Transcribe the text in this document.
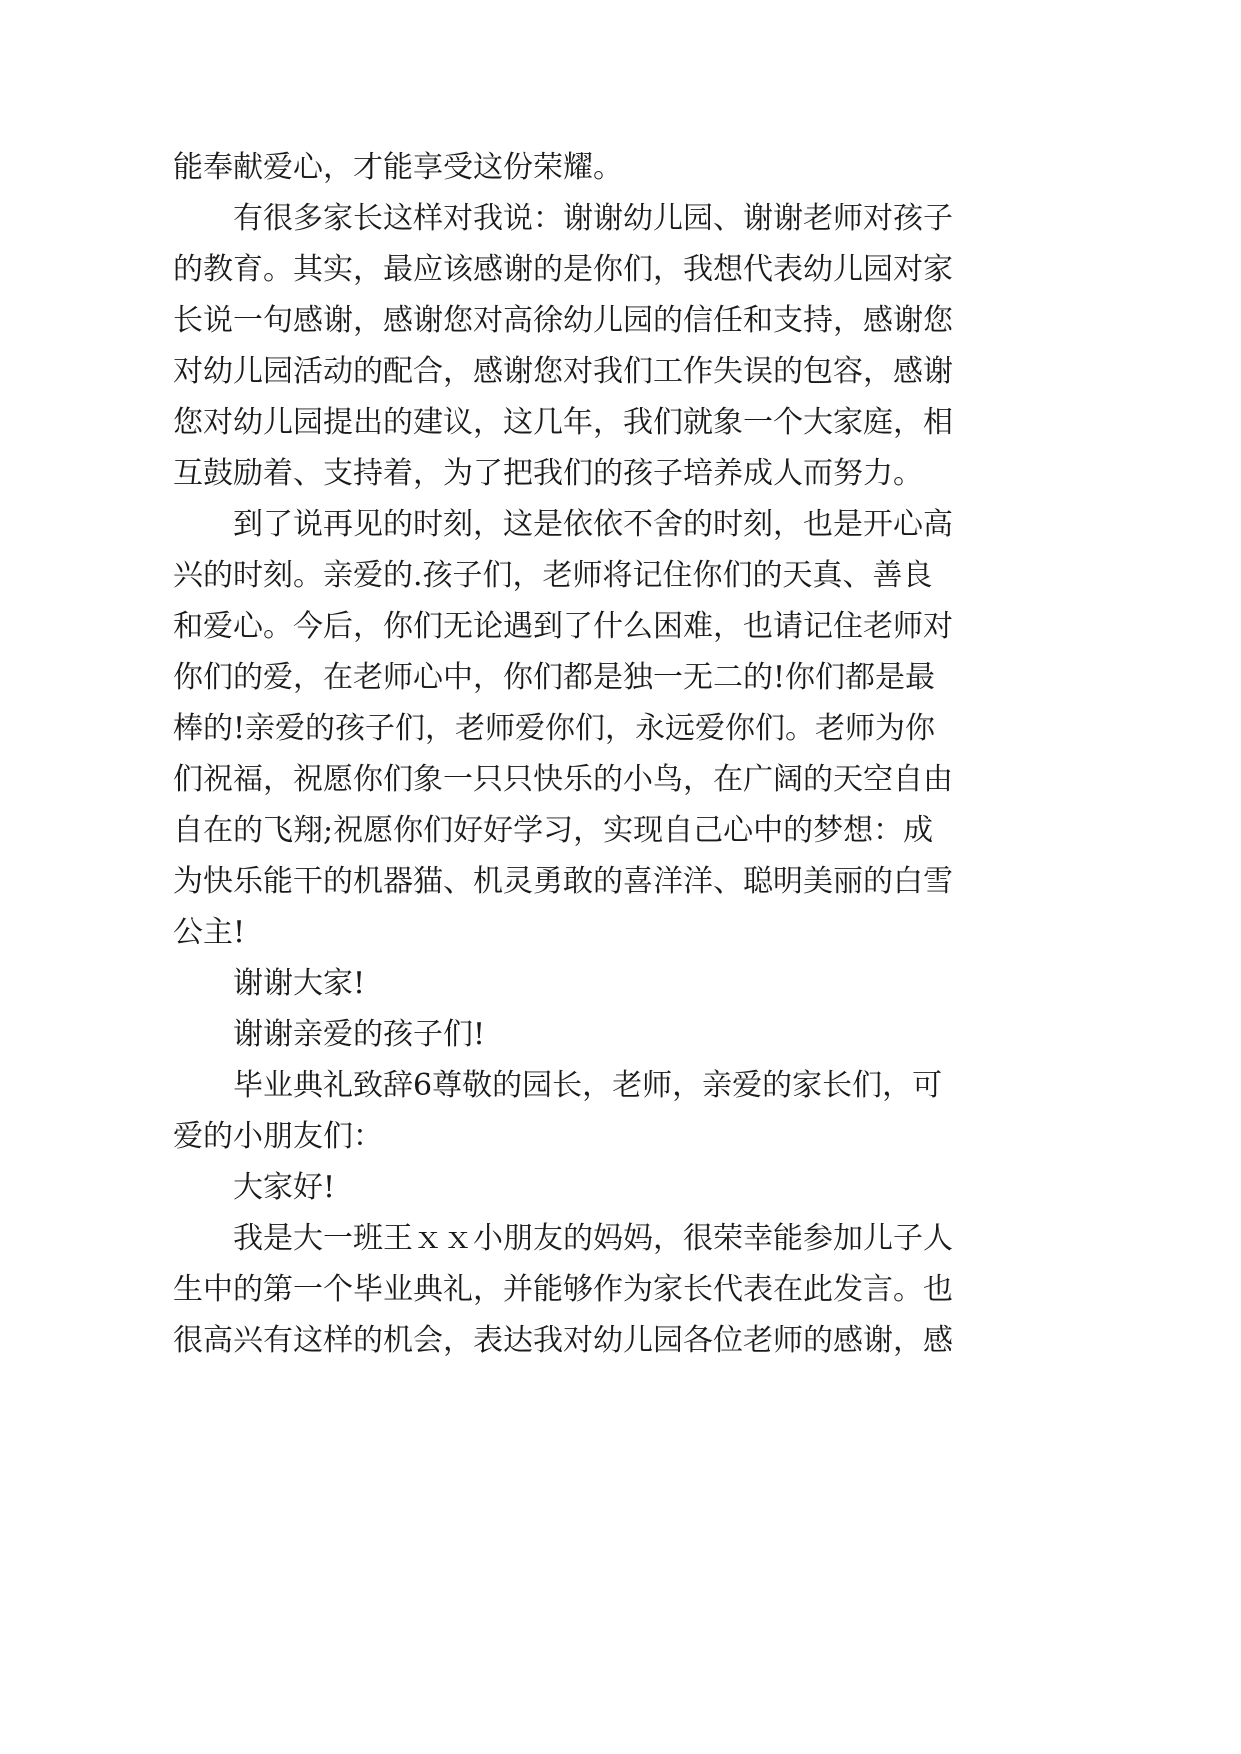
能奉献爱心，才能享受这份荣耀。
有很多家长这样对我说：谢谢幼儿园、谢谢老师对孩子
的教育。其实，最应该感谢的是你们，我想代表幼儿园对家
长说一句感谢，感谢您对高徐幼儿园的信任和支持，感谢您
对幼儿园活动的配合，感谢您对我们工作失误的包容，感谢
您对幼儿园提出的建议，这几年，我们就象一个大家庭，相
互鼓励着、支持着，为了把我们的孩子培养成人而努力。
到了说再见的时刻，这是依依不舍的时刻，也是开心高
兴的时刻。亲爱的.孩子们，老师将记住你们的天真、善良
和爱心。今后，你们无论遇到了什么困难，也请记住老师对
你们的爱，在老师心中，你们都是独一无二的!你们都是最
棒的!亲爱的孩子们，老师爱你们，永远爱你们。老师为你
们祝福，祝愿你们象一只只快乐的小鸟，在广阔的天空自由
自在的飞翔;祝愿你们好好学习，实现自己心中的梦想：成
为快乐能干的机器猫、机灵勇敢的喜洋洋、聪明美丽的白雪
公主!
谢谢大家!
谢谢亲爱的孩子们!
毕业典礼致辞6尊敬的园长，老师，亲爱的家长们，可
爱的小朋友们：
大家好!
我是大一班王ｘｘ小朋友的妈妈，很荣幸能参加儿子人
生中的第一个毕业典礼，并能够作为家长代表在此发言。也
很高兴有这样的机会，表达我对幼儿园各位老师的感谢，感
